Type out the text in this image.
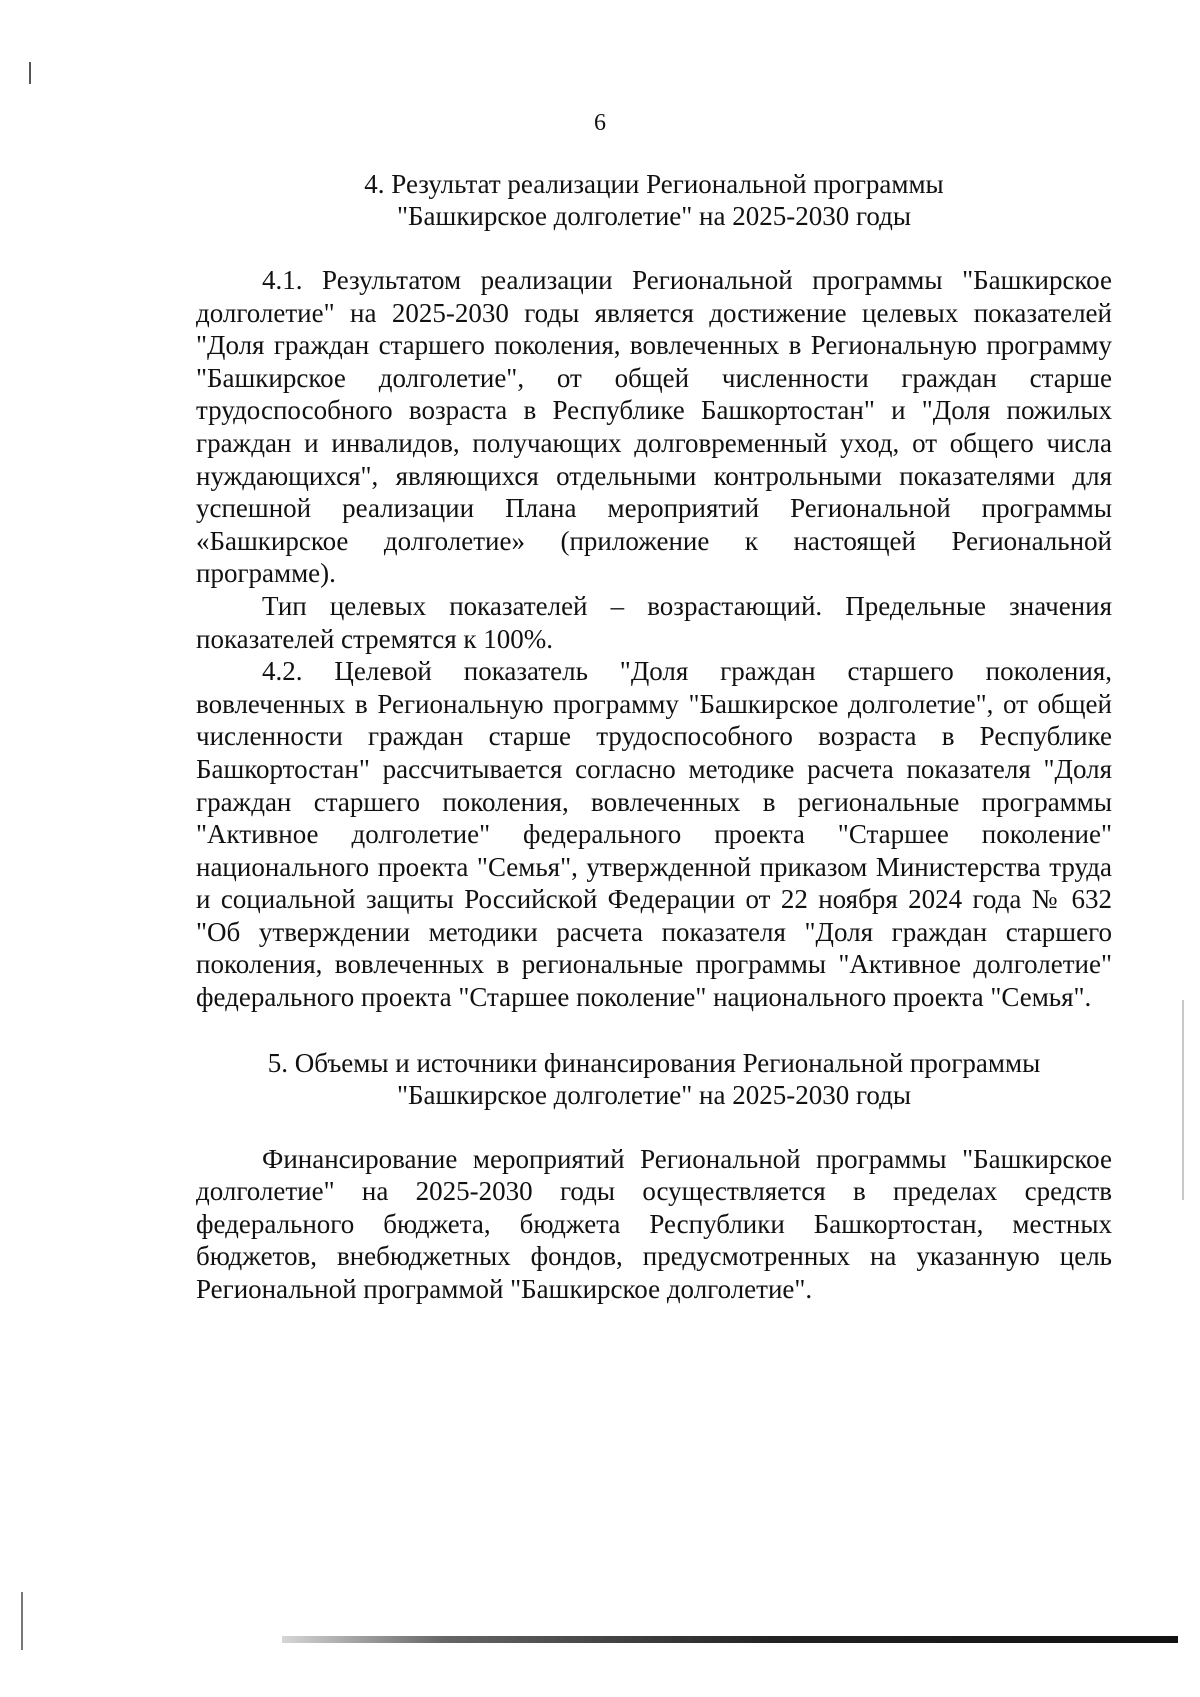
6
4. Результат реализации Региональной программы
"Башкирское долголетие" на 2025-2030 годы

4.1. Результатом реализации Региональной программы "Башкирское долголетие" на 2025-2030 годы является достижение целевых показателей "Доля граждан старшего поколения, вовлеченных в Региональную программу "Башкирское долголетие", от общей численности граждан старше трудоспособного возраста в Республике Башкортостан" и "Доля пожилых граждан и инвалидов, получающих долговременный уход, от общего числа нуждающихся", являющихся отдельными контрольными показателями для успешной реализации Плана мероприятий Региональной программы «Башкирское долголетие» (приложение к настоящей Региональной программе).

Тип целевых показателей – возрастающий. Предельные значения показателей стремятся к 100%.

4.2. Целевой показатель "Доля граждан старшего поколения, вовлеченных в Региональную программу "Башкирское долголетие", от общей численности граждан старше трудоспособного возраста в Республике Башкортостан" рассчитывается согласно методике расчета показателя "Доля граждан старшего поколения, вовлеченных в региональные программы "Активное долголетие" федерального проекта "Старшее поколение" национального проекта "Семья", утвержденной приказом Министерства труда и социальной защиты Российской Федерации от 22 ноября 2024 года № 632 "Об утверждении методики расчета показателя "Доля граждан старшего поколения, вовлеченных в региональные программы "Активное долголетие" федерального проекта "Старшее поколение" национального проекта "Семья".

5. Объемы и источники финансирования Региональной программы
"Башкирское долголетие" на 2025-2030 годы

Финансирование мероприятий Региональной программы "Башкирское долголетие" на 2025-2030 годы осуществляется в пределах средств федерального бюджета, бюджета Республики Башкортостан, местных бюджетов, внебюджетных фондов, предусмотренных на указанную цель Региональной программой "Башкирское долголетие".
